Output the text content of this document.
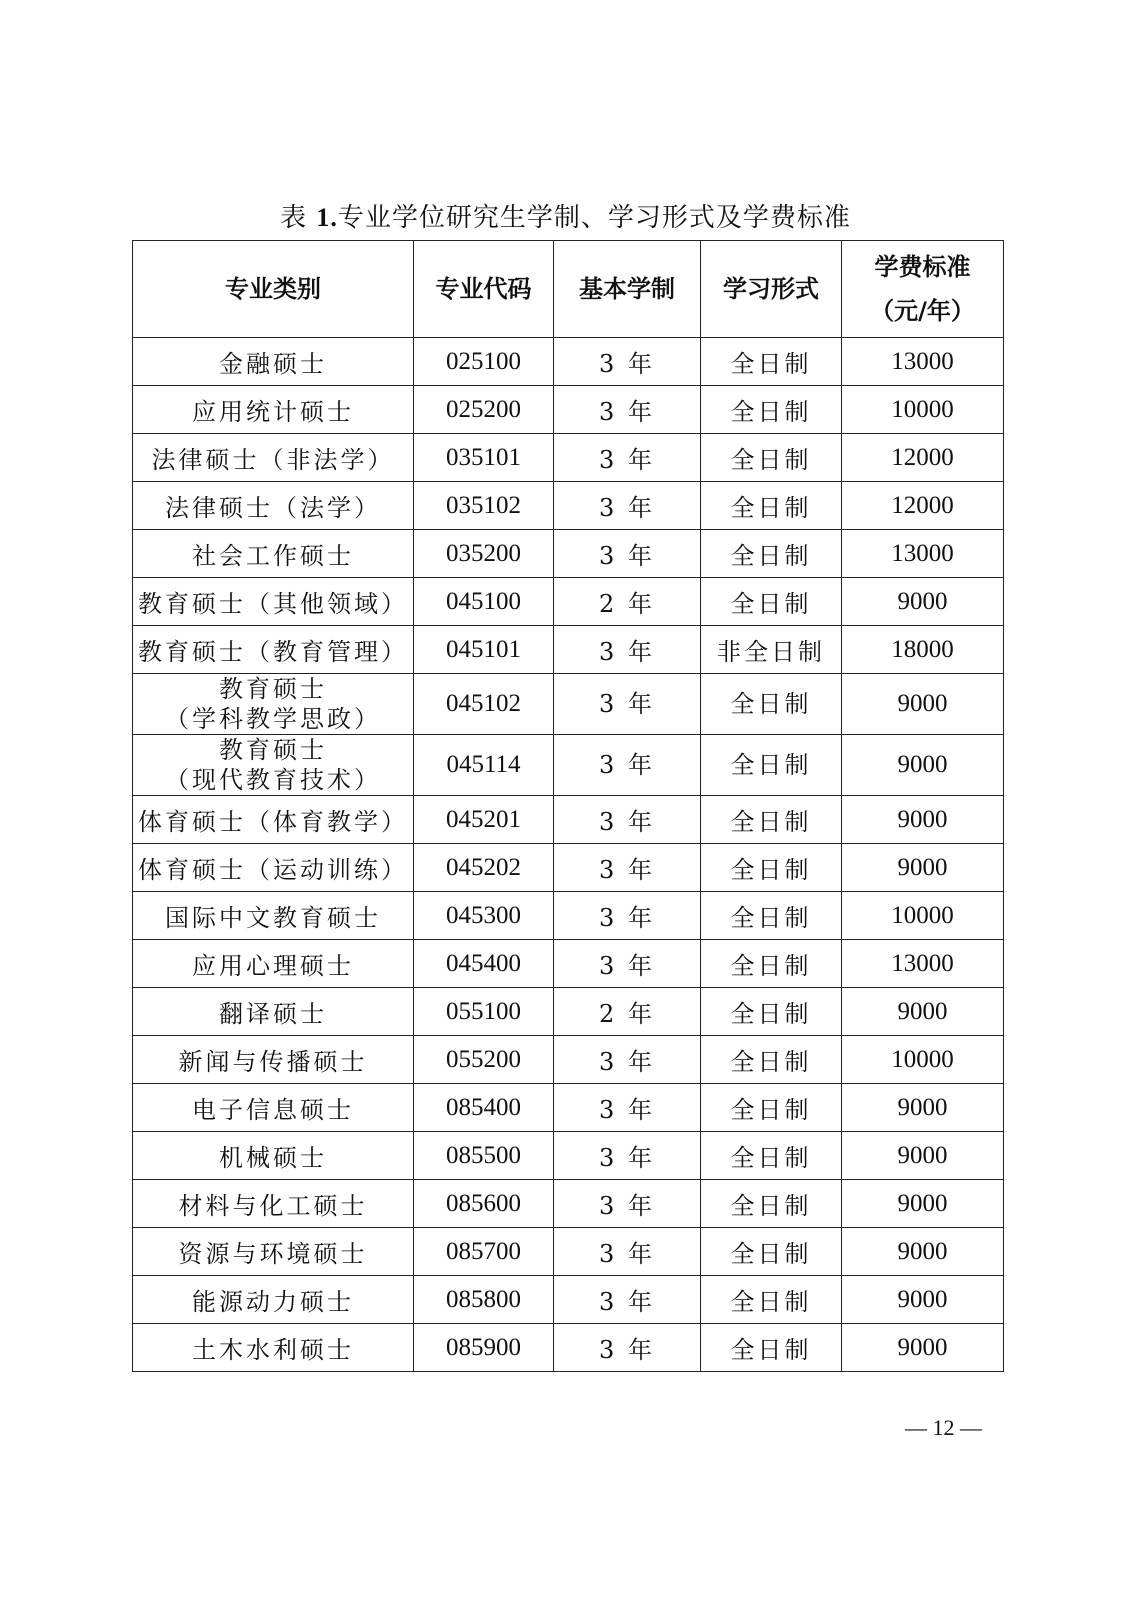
表 1.专业学位研究生学制、学习形式及学费标准
专业类别	专业代码	基本学制	学习形式	学费标准
（元/年）

金融硕士	025100	3 年	全日制	13000
应用统计硕士	025200	3 年	全日制	10000
法律硕士（非法学）	035101	3 年	全日制	12000
法律硕士（法学）	035102	3 年	全日制	12000
社会工作硕士	035200	3 年	全日制	13000
教育硕士（其他领域）	045100	2 年	全日制	9000
教育硕士（教育管理）	045101	3 年	非全日制	18000

教育硕士
（学科教学思政）	045102	3 年	全日制	9000

教育硕士
（现代教育技术）	045114	3 年	全日制	9000
体育硕士（体育教学）	045201	3 年	全日制	9000
体育硕士（运动训练）	045202	3 年	全日制	9000
国际中文教育硕士	045300	3 年	全日制	10000
应用心理硕士	045400	3 年	全日制	13000
翻译硕士	055100	2 年	全日制	9000
新闻与传播硕士	055200	3 年	全日制	10000
电子信息硕士	085400	3 年	全日制	9000
机械硕士	085500	3 年	全日制	9000
材料与化工硕士	085600	3 年	全日制	9000
资源与环境硕士	085700	3 年	全日制	9000
能源动力硕士	085800	3 年	全日制	9000
土木水利硕士	085900	3 年	全日制	9000
— 12 —
